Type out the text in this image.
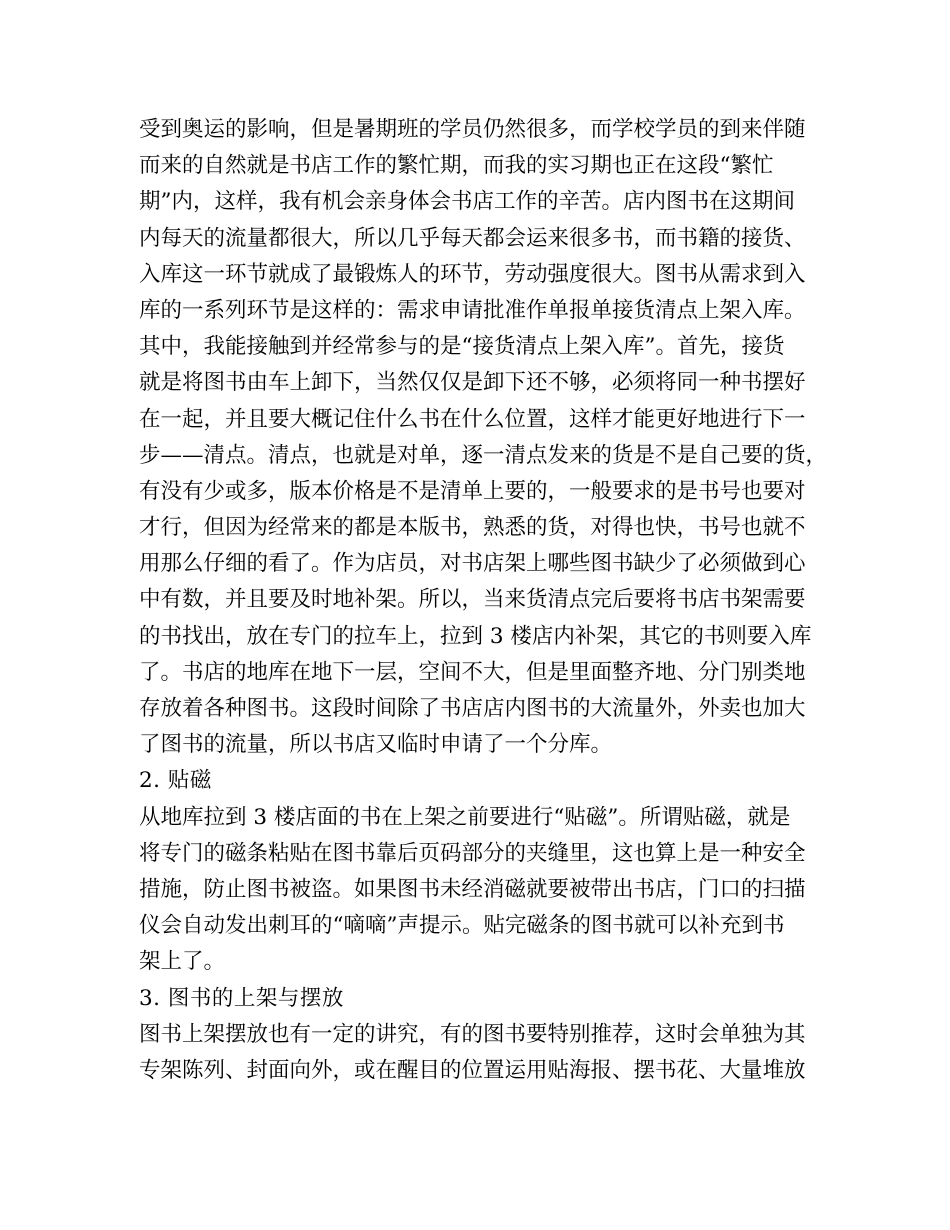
受到奥运的影响，但是暑期班的学员仍然很多，而学校学员的到来伴随
而来的自然就是书店工作的繁忙期，而我的实习期也正在这段“繁忙
期”内，这样，我有机会亲身体会书店工作的辛苦。店内图书在这期间
内每天的流量都很大，所以几乎每天都会运来很多书，而书籍的接货、
入库这一环节就成了最锻炼人的环节，劳动强度很大。图书从需求到入
库的一系列环节是这样的：需求申请批准作单报单接货清点上架入库。
其中，我能接触到并经常参与的是“接货清点上架入库”。首先，接货
就是将图书由车上卸下，当然仅仅是卸下还不够，必须将同一种书摆好
在一起，并且要大概记住什么书在什么位置，这样才能更好地进行下一
步——清点。清点，也就是对单，逐一清点发来的货是不是自己要的货，
有没有少或多，版本价格是不是清单上要的，一般要求的是书号也要对
才行，但因为经常来的都是本版书，熟悉的货，对得也快，书号也就不
用那么仔细的看了。作为店员，对书店架上哪些图书缺少了必须做到心
中有数，并且要及时地补架。所以，当来货清点完后要将书店书架需要
的书找出，放在专门的拉车上，拉到 3 楼店内补架，其它的书则要入库
了。书店的地库在地下一层，空间不大，但是里面整齐地、分门别类地
存放着各种图书。这段时间除了书店店内图书的大流量外，外卖也加大
了图书的流量，所以书店又临时申请了一个分库。
2. 贴磁
从地库拉到 3 楼店面的书在上架之前要进行“贴磁”。所谓贴磁，就是
将专门的磁条粘贴在图书靠后页码部分的夹缝里，这也算上是一种安全
措施，防止图书被盗。如果图书未经消磁就要被带出书店，门口的扫描
仪会自动发出刺耳的“嘀嘀”声提示。贴完磁条的图书就可以补充到书
架上了。
3. 图书的上架与摆放
图书上架摆放也有一定的讲究，有的图书要特别推荐，这时会单独为其
专架陈列、封面向外，或在醒目的位置运用贴海报、摆书花、大量堆放
